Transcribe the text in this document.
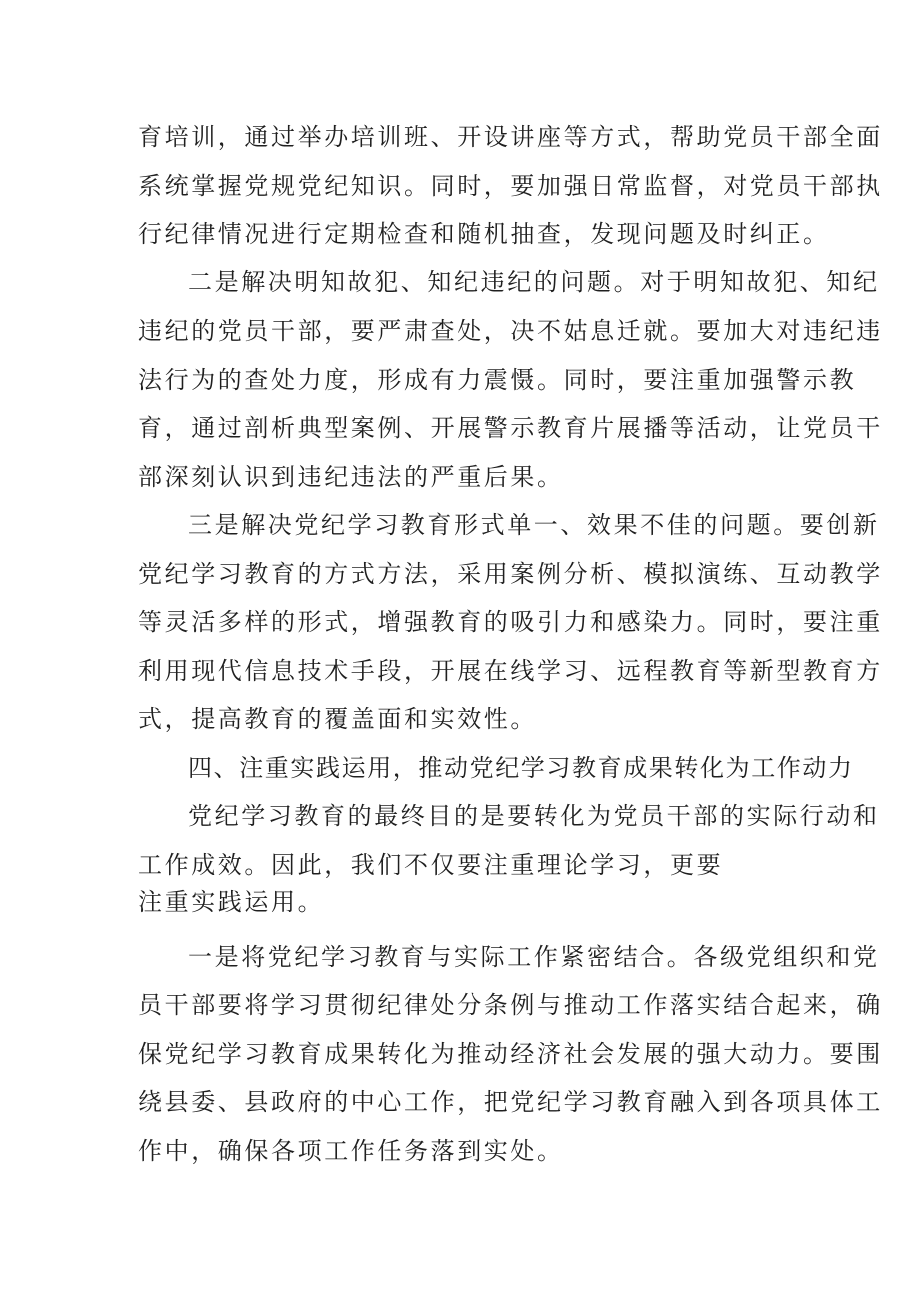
育培训，通过举办培训班、开设讲座等方式，帮助党员干部全面
系统掌握党规党纪知识。同时，要加强日常监督，对党员干部执
行纪律情况进行定期检查和随机抽查，发现问题及时纠正。
二是解决明知故犯、知纪违纪的问题。对于明知故犯、知纪
违纪的党员干部，要严肃查处，决不姑息迁就。要加大对违纪违
法行为的查处力度，形成有力震慑。同时，要注重加强警示教
育，通过剖析典型案例、开展警示教育片展播等活动，让党员干
部深刻认识到违纪违法的严重后果。
三是解决党纪学习教育形式单一、效果不佳的问题。要创新
党纪学习教育的方式方法，采用案例分析、模拟演练、互动教学
等灵活多样的形式，增强教育的吸引力和感染力。同时，要注重
利用现代信息技术手段，开展在线学习、远程教育等新型教育方
式，提高教育的覆盖面和实效性。
四、注重实践运用，推动党纪学习教育成果转化为工作动力
党纪学习教育的最终目的是要转化为党员干部的实际行动和
工作成效。因此，我们不仅要注重理论学习，更要
注重实践运用。
一是将党纪学习教育与实际工作紧密结合。各级党组织和党
员干部要将学习贯彻纪律处分条例与推动工作落实结合起来，确
保党纪学习教育成果转化为推动经济社会发展的强大动力。要围
绕县委、县政府的中心工作，把党纪学习教育融入到各项具体工
作中，确保各项工作任务落到实处。
